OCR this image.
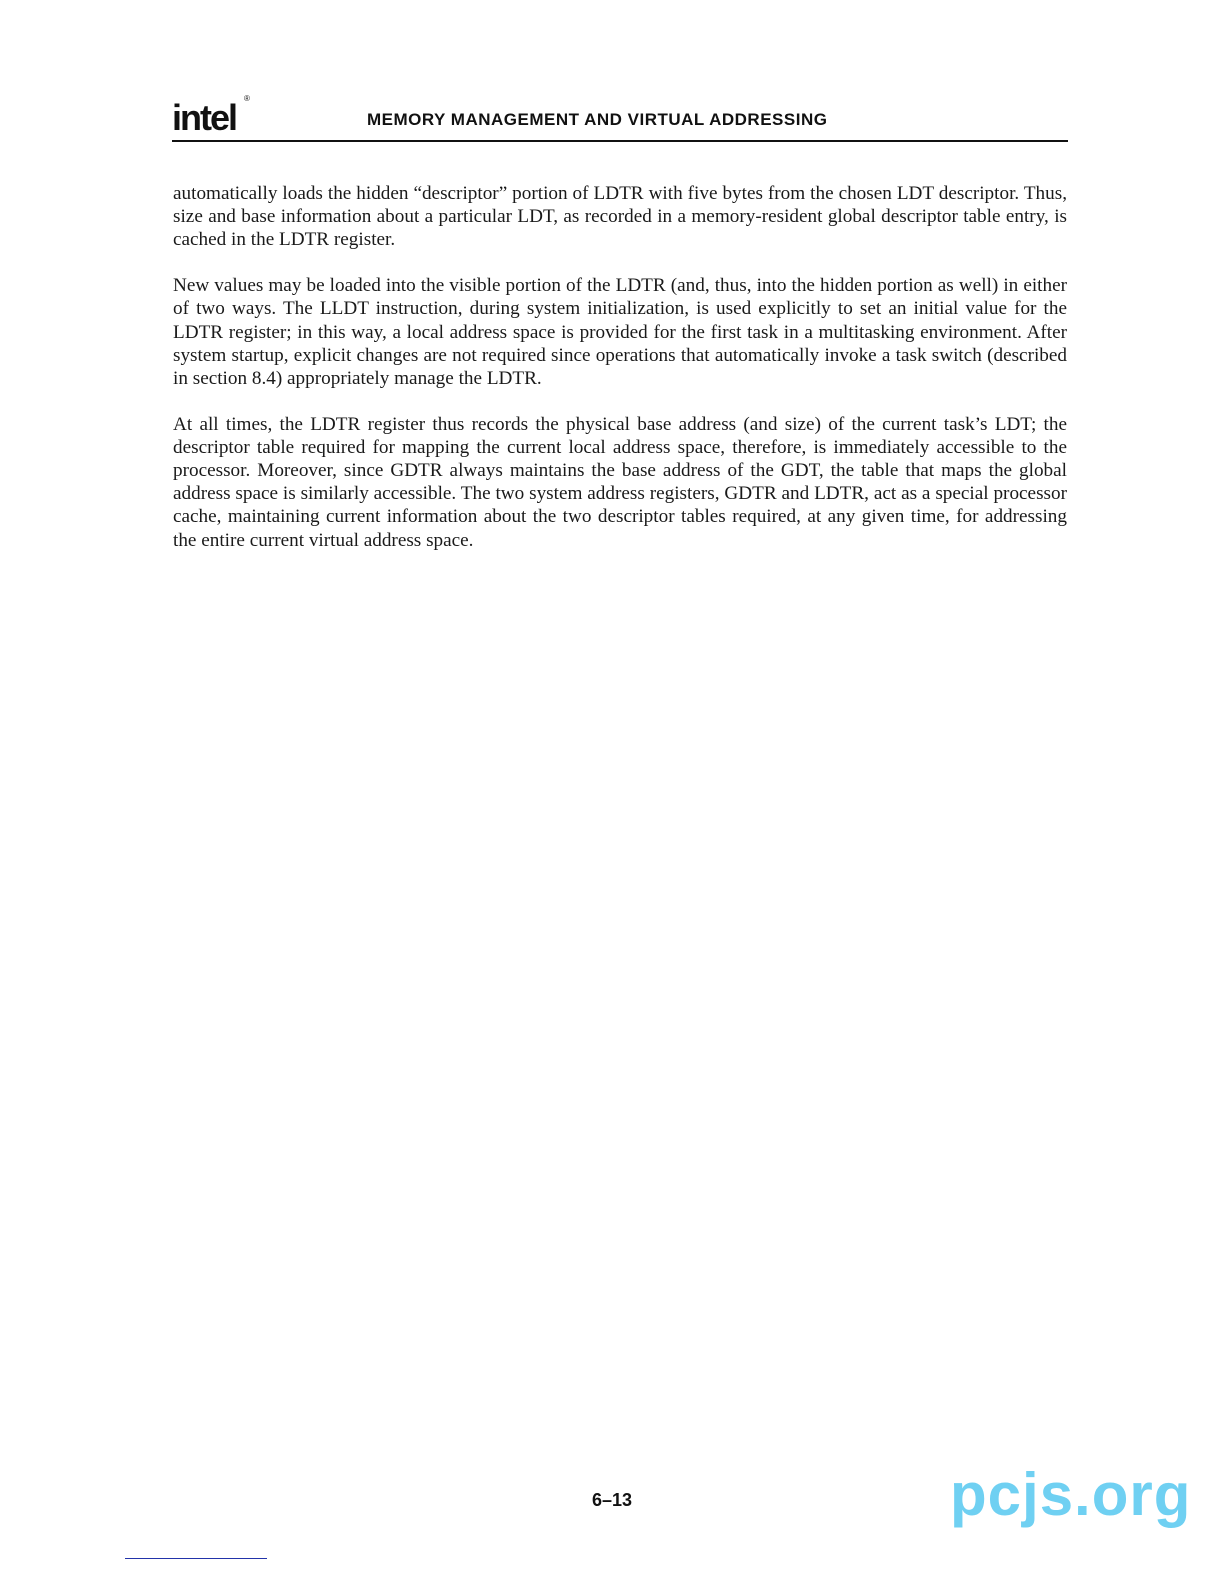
intel ®
MEMORY MANAGEMENT AND VIRTUAL ADDRESSING

automatically loads the hidden “descriptor” portion of LDTR with five bytes from the chosen LDT descriptor. Thus, size and base information about a particular LDT, as recorded in a memory-resident global descriptor table entry, is cached in the LDTR register.

New values may be loaded into the visible portion of the LDTR (and, thus, into the hidden portion as well) in either of two ways. The LLDT instruction, during system initialization, is used explicitly to set an initial value for the LDTR register; in this way, a local address space is provided for the first task in a multitasking environment. After system startup, explicit changes are not required since operations that automatically invoke a task switch (described in section 8.4) appropriately manage the LDTR.

At all times, the LDTR register thus records the physical base address (and size) of the current task’s LDT; the descriptor table required for mapping the current local address space, therefore, is immediately accessible to the processor. Moreover, since GDTR always maintains the base address of the GDT, the table that maps the global address space is similarly accessible. The two system address registers, GDTR and LDTR, act as a special processor cache, maintaining current information about the two descriptor tables required, at any given time, for addressing the entire current virtual address space.

6–13	pcjs.org
